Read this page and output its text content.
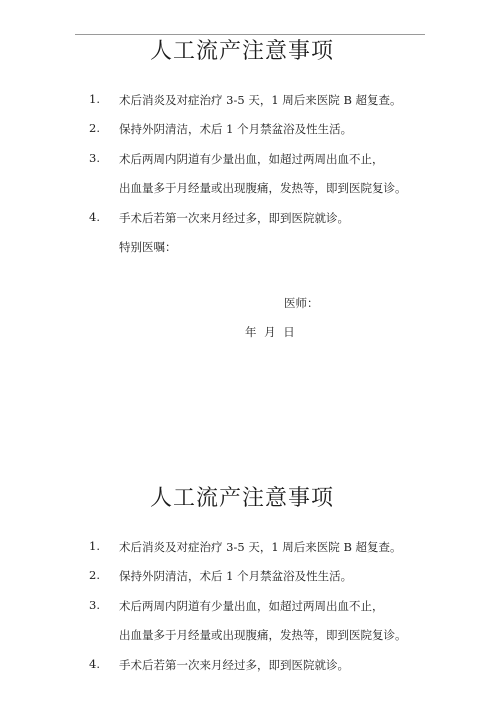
人工流产注意事项
1. 术后消炎及对症治疗 3-5 天，1 周后来医院 B 超复查。
2. 保持外阴清洁，术后 1 个月禁盆浴及性生活。
3. 术后两周内阴道有少量出血，如超过两周出血不止，
出血量多于月经量或出现腹痛，发热等，即到医院复诊。
4. 手术后若第一次来月经过多，即到医院就诊。
特别医嘱：
医师：
年 月 日
人工流产注意事项
1. 术后消炎及对症治疗 3-5 天，1 周后来医院 B 超复查。
2. 保持外阴清洁，术后 1 个月禁盆浴及性生活。
3. 术后两周内阴道有少量出血，如超过两周出血不止，
出血量多于月经量或出现腹痛，发热等，即到医院复诊。
4. 手术后若第一次来月经过多，即到医院就诊。
